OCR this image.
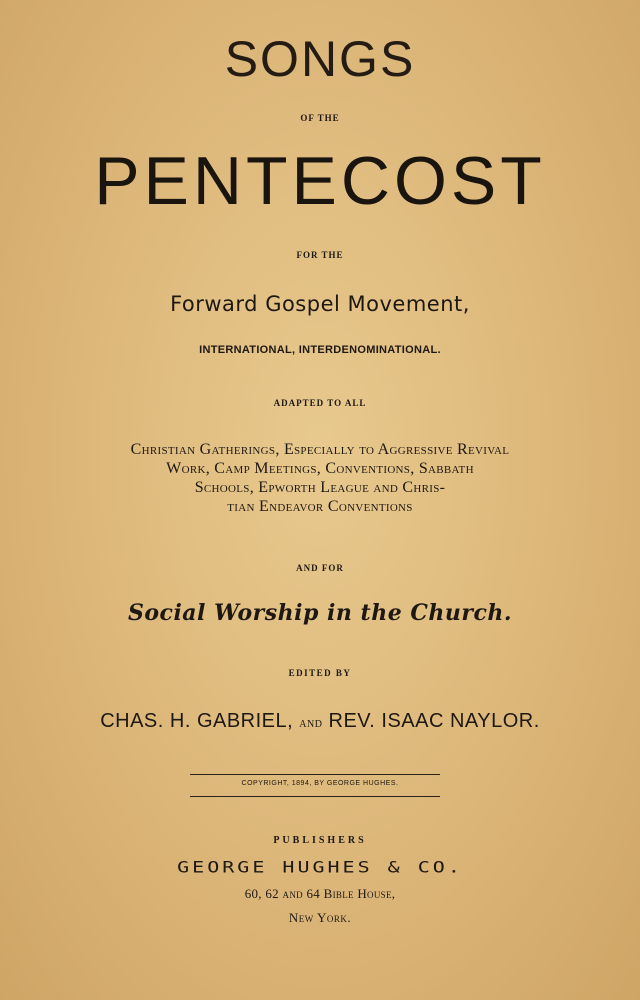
SONGS
OF THE
PENTECOST
FOR THE
Forward Gospel Movement,
INTERNATIONAL, INTERDENOMINATIONAL.
ADAPTED TO ALL
Christian Gatherings, Especially to Aggressive Revival
Work, Camp Meetings, Conventions, Sabbath
Schools, Epworth League and Chris-
tian Endeavor Conventions
AND FOR
Social Worship in the Church.
EDITED BY
CHAS. H. GABRIEL, and REV. ISAAC NAYLOR.
COPYRIGHT, 1894, BY GEORGE HUGHES.
PUBLISHERS
GEORGE HUGHES & CO.
60, 62 and 64 Bible House,
New York.
